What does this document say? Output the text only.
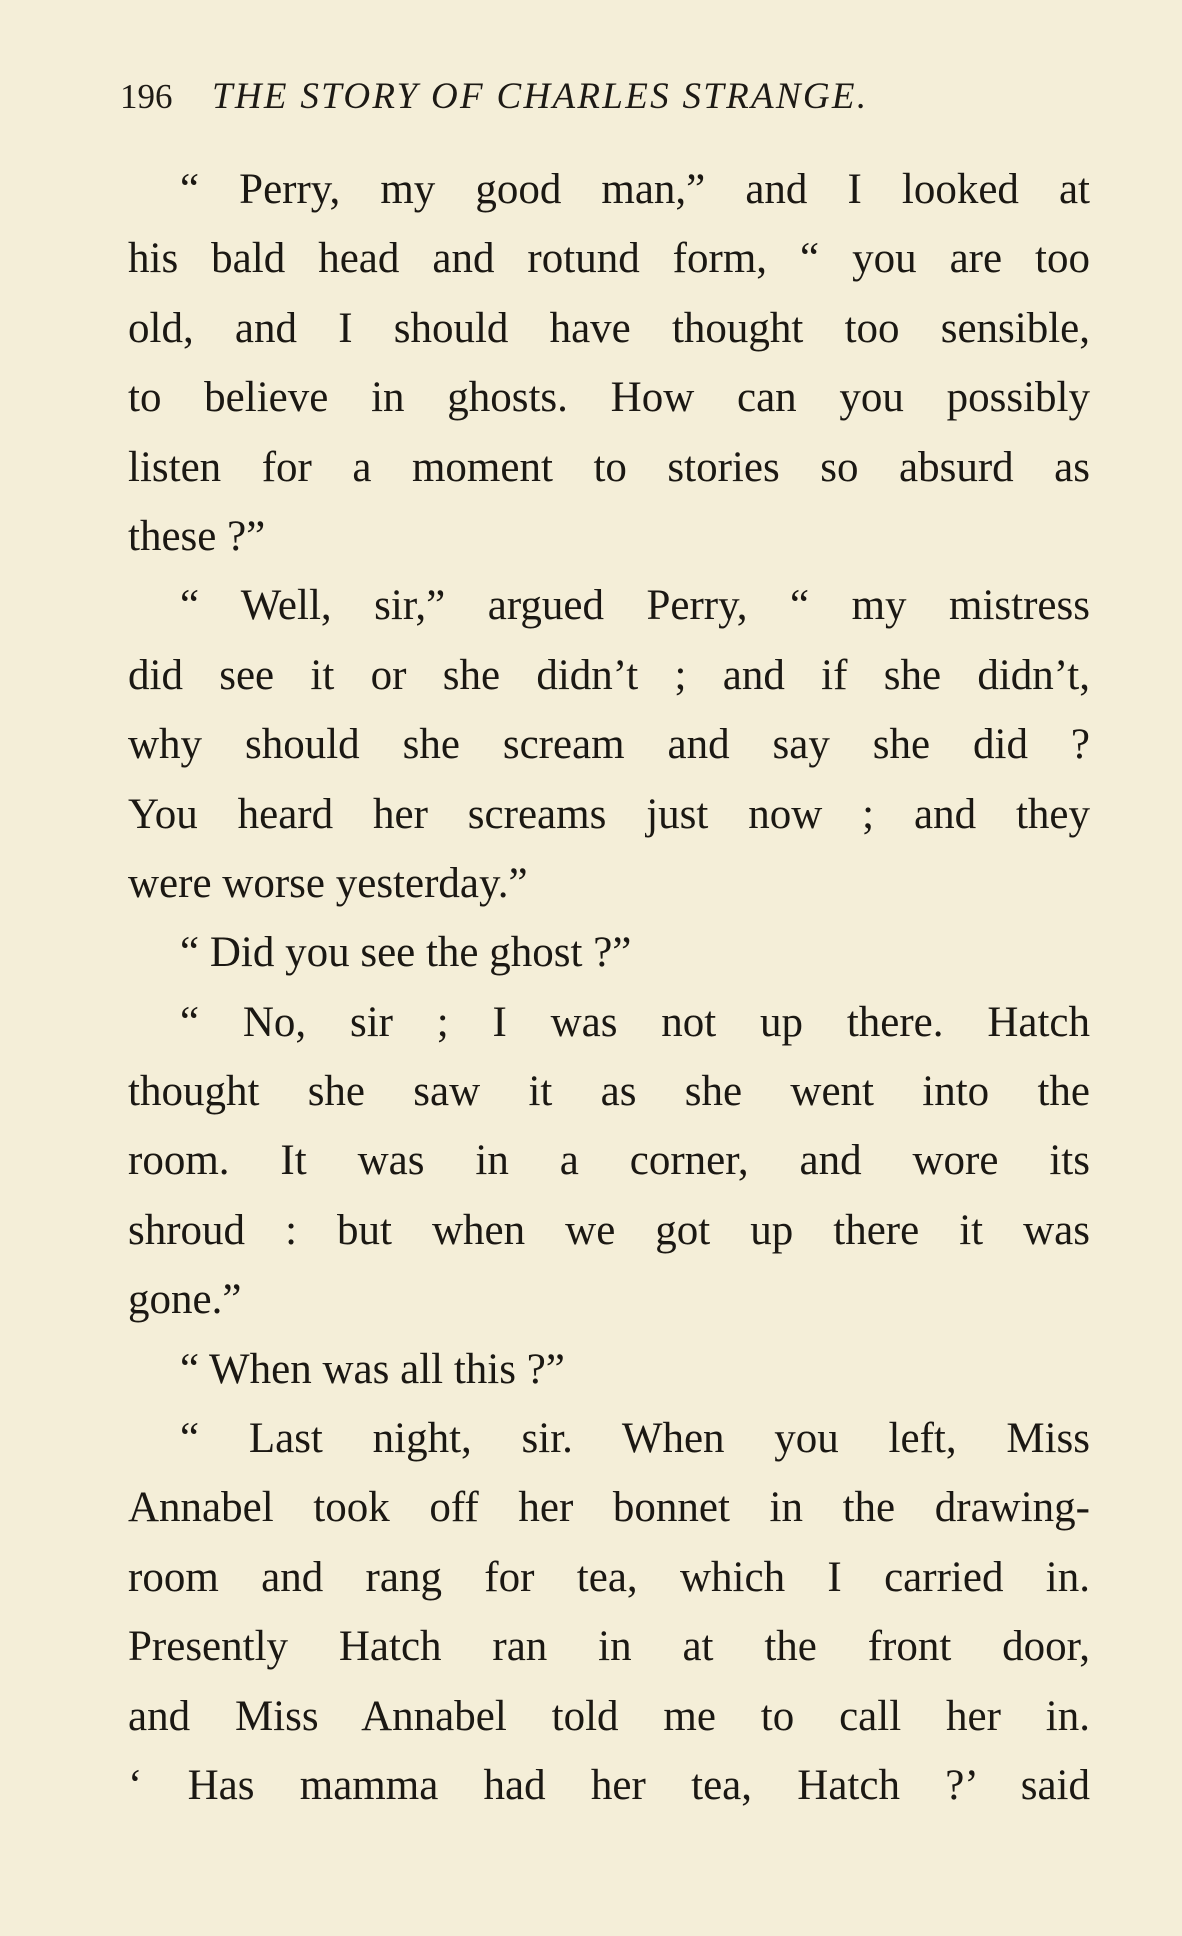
196 THE STORY OF CHARLES STRANGE.
“ Perry, my good man,” and I looked at
his bald head and rotund form, “ you are too
old, and I should have thought too sensible,
to believe in ghosts. How can you possibly
listen for a moment to stories so absurd as
these ?”
“ Well, sir,” argued Perry, “ my mistress
did see it or she didn’t ; and if she didn’t,
why should she scream and say she did ?
You heard her screams just now ; and they
were worse yesterday.”
“ Did you see the ghost ?”
“ No, sir ; I was not up there. Hatch
thought she saw it as she went into the
room. It was in a corner, and wore its
shroud : but when we got up there it was
gone.”
“ When was all this ?”
“ Last night, sir. When you left, Miss
Annabel took off her bonnet in the drawing-
room and rang for tea, which I carried in.
Presently Hatch ran in at the front door,
and Miss Annabel told me to call her in.
‘ Has mamma had her tea, Hatch ?’ said
